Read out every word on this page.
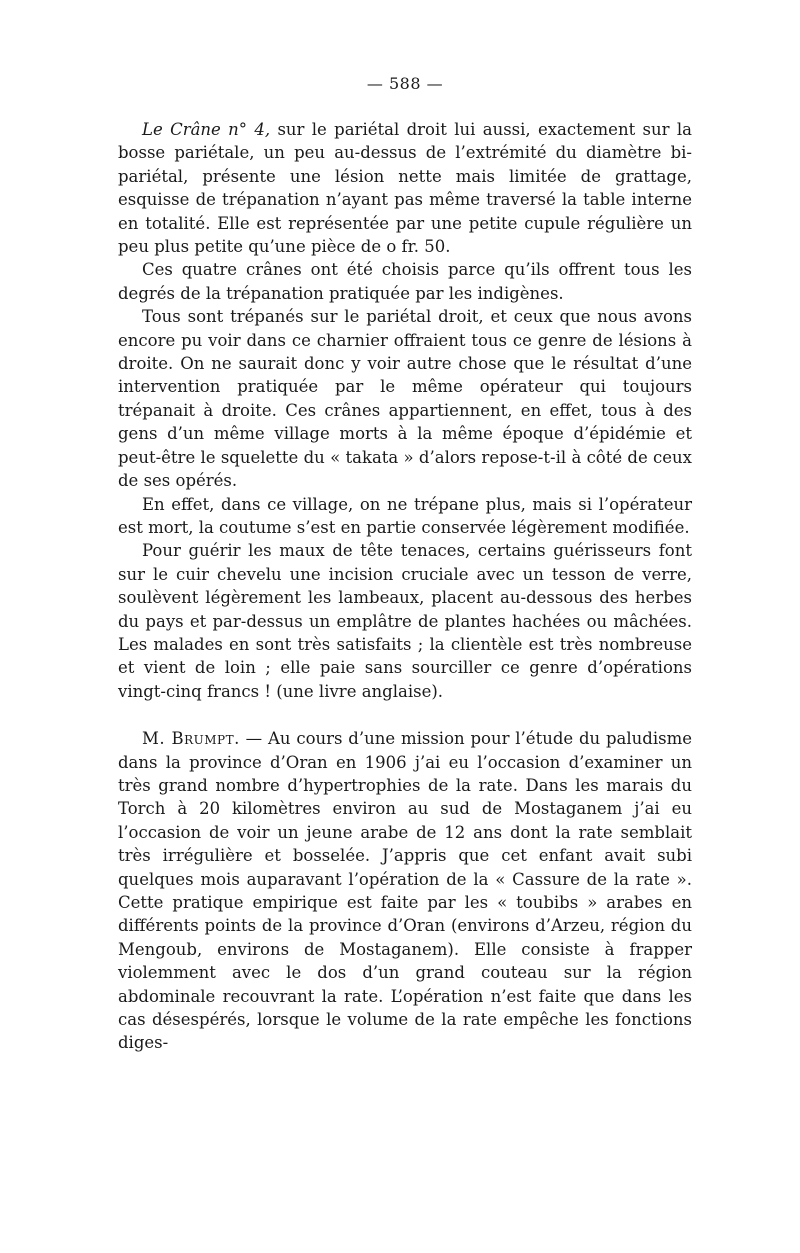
— 588 —

Le Crâne n° 4, sur le pariétal droit lui aussi, exactement sur la bosse pariétale, un peu au-dessus de l’extrémité du diamètre bi-pariétal, présente une lésion nette mais limitée de grattage, esquisse de trépanation n’ayant pas même traversé la table interne en totalité. Elle est représentée par une petite cupule régulière un peu plus petite qu’une pièce de o fr. 50.

Ces quatre crânes ont été choisis parce qu’ils offrent tous les degrés de la trépanation pratiquée par les indigènes.

Tous sont trépanés sur le pariétal droit, et ceux que nous avons encore pu voir dans ce charnier offraient tous ce genre de lésions à droite. On ne saurait donc y voir autre chose que le résultat d’une intervention pratiquée par le même opérateur qui toujours trépanait à droite. Ces crânes appartiennent, en effet, tous à des gens d’un même village morts à la même époque d’épidémie et peut-être le squelette du « takata » d’alors repose-t-il à côté de ceux de ses opérés.

En effet, dans ce village, on ne trépane plus, mais si l’opérateur est mort, la coutume s’est en partie conservée légèrement modifiée.

Pour guérir les maux de tête tenaces, certains guérisseurs font sur le cuir chevelu une incision cruciale avec un tesson de verre, soulèvent légèrement les lambeaux, placent au-dessous des herbes du pays et par-dessus un emplâtre de plantes hachées ou mâchées. Les malades en sont très satisfaits ; la clientèle est très nombreuse et vient de loin ; elle paie sans sourciller ce genre d’opérations vingt-cinq francs ! (une livre anglaise).

M. Brumpt. — Au cours d’une mission pour l’étude du paludisme dans la province d’Oran en 1906 j’ai eu l’occasion d’examiner un très grand nombre d’hypertrophies de la rate. Dans les marais du Torch à 20 kilomètres environ au sud de Mostaganem j’ai eu l’occasion de voir un jeune arabe de 12 ans dont la rate semblait très irrégulière et bosselée. J’appris que cet enfant avait subi quelques mois auparavant l’opération de la « Cassure de la rate ». Cette pratique empirique est faite par les « toubibs » arabes en différents points de la province d’Oran (environs d’Arzeu, région du Mengoub, environs de Mostaganem). Elle consiste à frapper violemment avec le dos d’un grand couteau sur la région abdominale recouvrant la rate. L’opération n’est faite que dans les cas désespérés, lorsque le volume de la rate empêche les fonctions diges-
